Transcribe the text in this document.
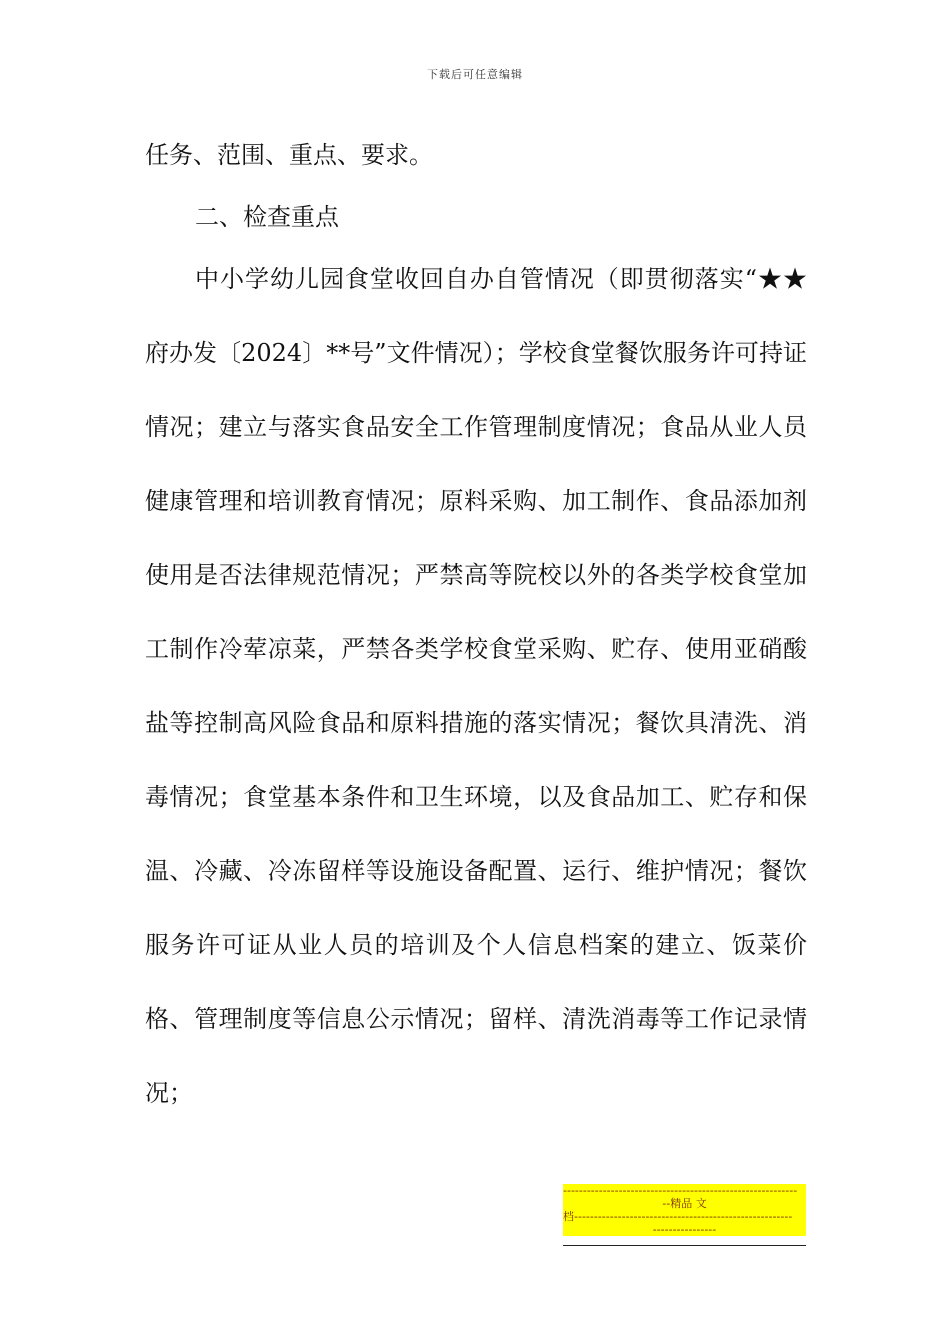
下载后可任意编辑
任务、范围、重点、要求。
二、检查重点
中小学幼儿园食堂收回自办自管情况（即贯彻落实“★★府办发〔2024〕**号”文件情况）；学校食堂餐饮服务许可持证情况；建立与落实食品安全工作管理制度情况；食品从业人员健康管理和培训教育情况；原料采购、加工制作、食品添加剂使用是否法律规范情况；严禁高等院校以外的各类学校食堂加工制作冷荤凉菜，严禁各类学校食堂采购、贮存、使用亚硝酸盐等控制高风险食品和原料措施的落实情况；餐饮具清洗、消毒情况；食堂基本条件和卫生环境，以及食品加工、贮存和保温、冷藏、冷冻留样等设施设备配置、运行、维护情况；餐饮服务许可证从业人员的培训及个人信息档案的建立、饭菜价格、管理制度等信息公示情况；留样、清洗消毒等工作记录情况；
-----------------------------------------------------------
--精品 文
档-------------------------------------------------------
----------------
